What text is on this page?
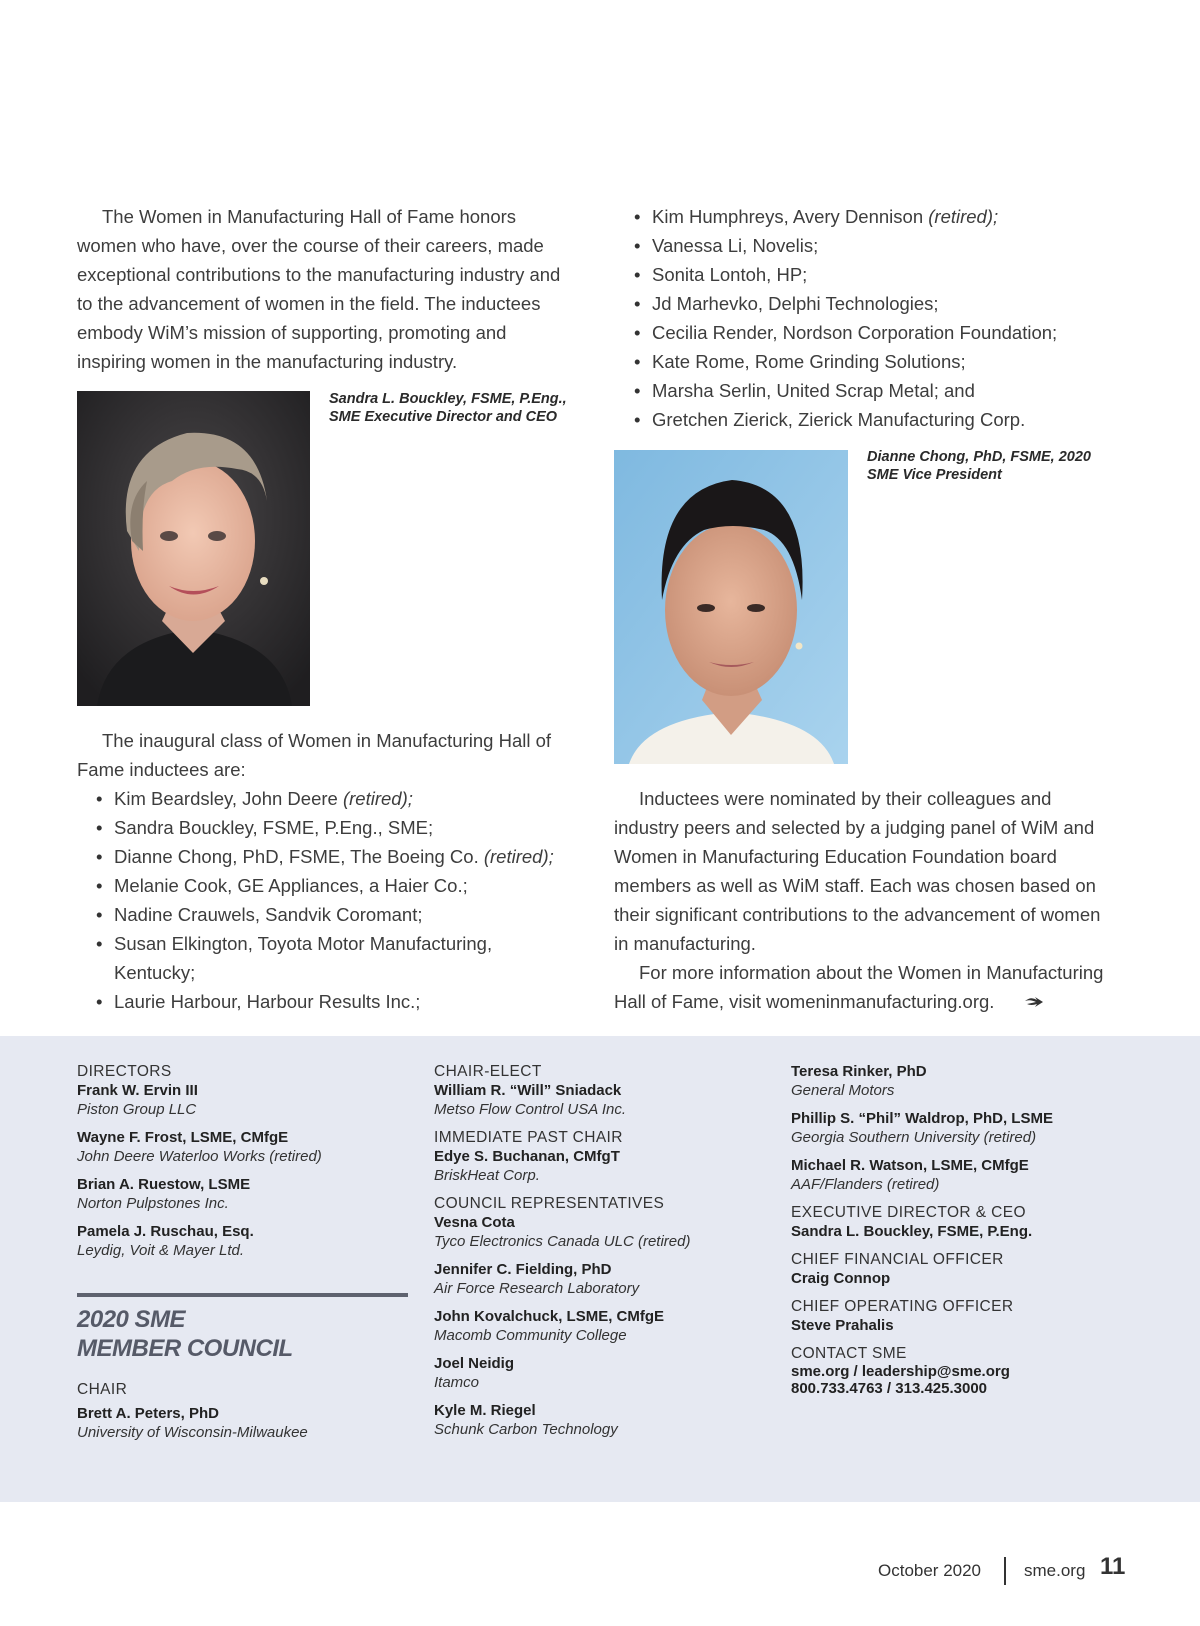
The Women in Manufacturing Hall of Fame honors women who have, over the course of their careers, made exceptional contributions to the manufacturing industry and to the advancement of women in the field. The inductees embody WiM’s mission of supporting, promoting and inspiring women in the manufacturing industry.

Sandra L. Bouckley, FSME, P.Eng., SME Executive Director and CEO

The inaugural class of Women in Manufacturing Hall of Fame inductees are:

• Kim Beardsley, John Deere (retired);
• Sandra Bouckley, FSME, P.Eng., SME;
• Dianne Chong, PhD, FSME, The Boeing Co. (retired);
• Melanie Cook, GE Appliances, a Haier Co.;
• Nadine Crauwels, Sandvik Coromant;
• Susan Elkington, Toyota Motor Manufacturing, Kentucky;
• Laurie Harbour, Harbour Results Inc.;
• Kim Humphreys, Avery Dennison (retired);
• Vanessa Li, Novelis;
• Sonita Lontoh, HP;
• Jd Marhevko, Delphi Technologies;
• Cecilia Render, Nordson Corporation Foundation;
• Kate Rome, Rome Grinding Solutions;
• Marsha Serlin, United Scrap Metal; and
• Gretchen Zierick, Zierick Manufacturing Corp.
Dianne Chong, PhD, FSME, 2020 SME Vice President

Inductees were nominated by their colleagues and industry peers and selected by a judging panel of WiM and Women in Manufacturing Education Foundation board members as well as WiM staff. Each was chosen based on their significant contributions to the advancement of women in manufacturing.

For more information about the Women in Manufacturing Hall of Fame, visit womeninmanufacturing.org.

DIRECTORS
Frank W. Ervin III
Piston Group LLC
Wayne F. Frost, LSME, CMfgE
John Deere Waterloo Works (retired)
Brian A. Ruestow, LSME
Norton Pulpstones Inc.
Pamela J. Ruschau, Esq.
Leydig, Voit & Mayer Ltd.
2020 SME
MEMBER COUNCIL
CHAIR
Brett A. Peters, PhD
University of Wisconsin-Milwaukee
CHAIR-ELECT
William R. “Will” Sniadack
Metso Flow Control USA Inc.
IMMEDIATE PAST CHAIR
Edye S. Buchanan, CMfgT
BriskHeat Corp.
COUNCIL REPRESENTATIVES
Vesna Cota
Tyco Electronics Canada ULC (retired)
Jennifer C. Fielding, PhD
Air Force Research Laboratory
John Kovalchuck, LSME, CMfgE
Macomb Community College
Joel Neidig
Itamco
Kyle M. Riegel
Schunk Carbon Technology
Teresa Rinker, PhD
General Motors
Phillip S. “Phil” Waldrop, PhD, LSME
Georgia Southern University (retired)
Michael R. Watson, LSME, CMfgE
AAF/Flanders (retired)
EXECUTIVE DIRECTOR & CEO
Sandra L. Bouckley, FSME, P.Eng.
CHIEF FINANCIAL OFFICER
Craig Connop
CHIEF OPERATING OFFICER
Steve Prahalis
CONTACT SME
sme.org / leadership@sme.org
800.733.4763 / 313.425.3000
October 2020	sme.org 11
